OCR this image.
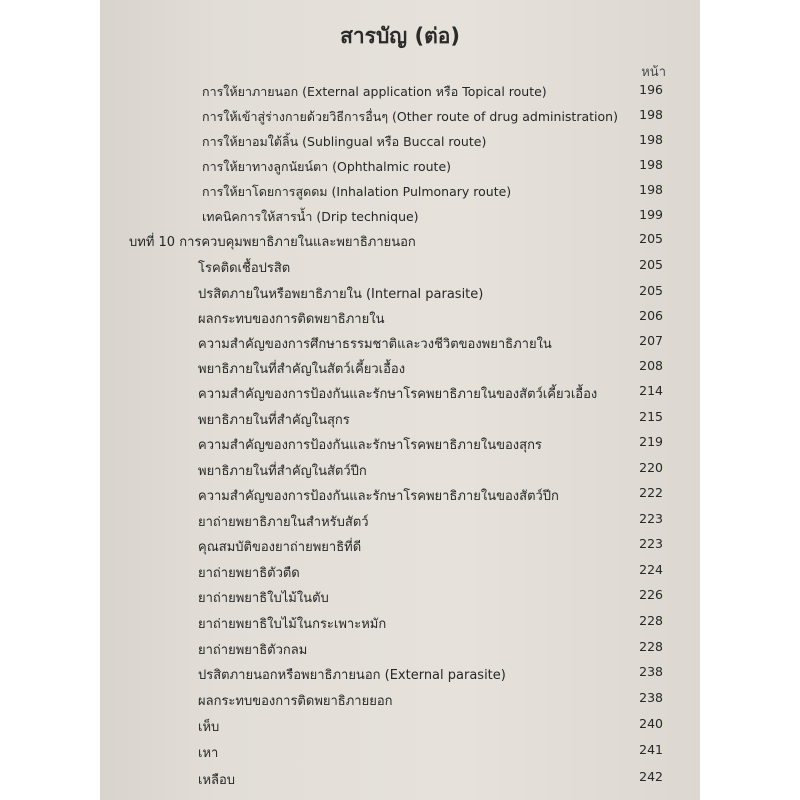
สารบัญ (ต่อ)
หน้า
การให้ยาภายนอก (External application หรือ Topical route)	196
การให้เข้าสู่ร่างกายด้วยวิธีการอื่นๆ (Other route of drug administration) 198
การให้ยาอมใต้ลิ้น (Sublingual หรือ Buccal route)	198
การให้ยาทางลูกนัยน์ตา (Ophthalmic route)	198
การให้ยาโดยการสูดดม (Inhalation Pulmonary route)	198
เทคนิคการให้สารน้ำ (Drip technique)	199
บทที่ 10 การควบคุมพยาธิภายในและพยาธิภายนอก	205
โรคติดเชื้อปรสิต	205
ปรสิตภายในหรือพยาธิภายใน (Internal parasite)	205
ผลกระทบของการติดพยาธิภายใน	206
ความสำคัญของการศึกษาธรรมชาติและวงชีวิตของพยาธิภายใน	207
พยาธิภายในที่สำคัญในสัตว์เคี้ยวเอื้อง	208
ความสำคัญของการป้องกันและรักษาโรคพยาธิภายในของสัตว์เคี้ยวเอื้อง	214
พยาธิภายในที่สำคัญในสุกร	215
ความสำคัญของการป้องกันและรักษาโรคพยาธิภายในของสุกร	219
พยาธิภายในที่สำคัญในสัตว์ปีก	220
ความสำคัญของการป้องกันและรักษาโรคพยาธิภายในของสัตว์ปีก	222
ยาถ่ายพยาธิภายในสำหรับสัตว์	223
คุณสมบัติของยาถ่ายพยาธิที่ดี	223
ยาถ่ายพยาธิตัวตืด	224
ยาถ่ายพยาธิใบไม้ในตับ	226
ยาถ่ายพยาธิใบไม้ในกระเพาะหมัก	228
ยาถ่ายพยาธิตัวกลม	228
ปรสิตภายนอกหรือพยาธิภายนอก (External parasite)	238
ผลกระทบของการติดพยาธิภายยอก	238
เห็บ	240
เหา	241
เหลือบ	242
